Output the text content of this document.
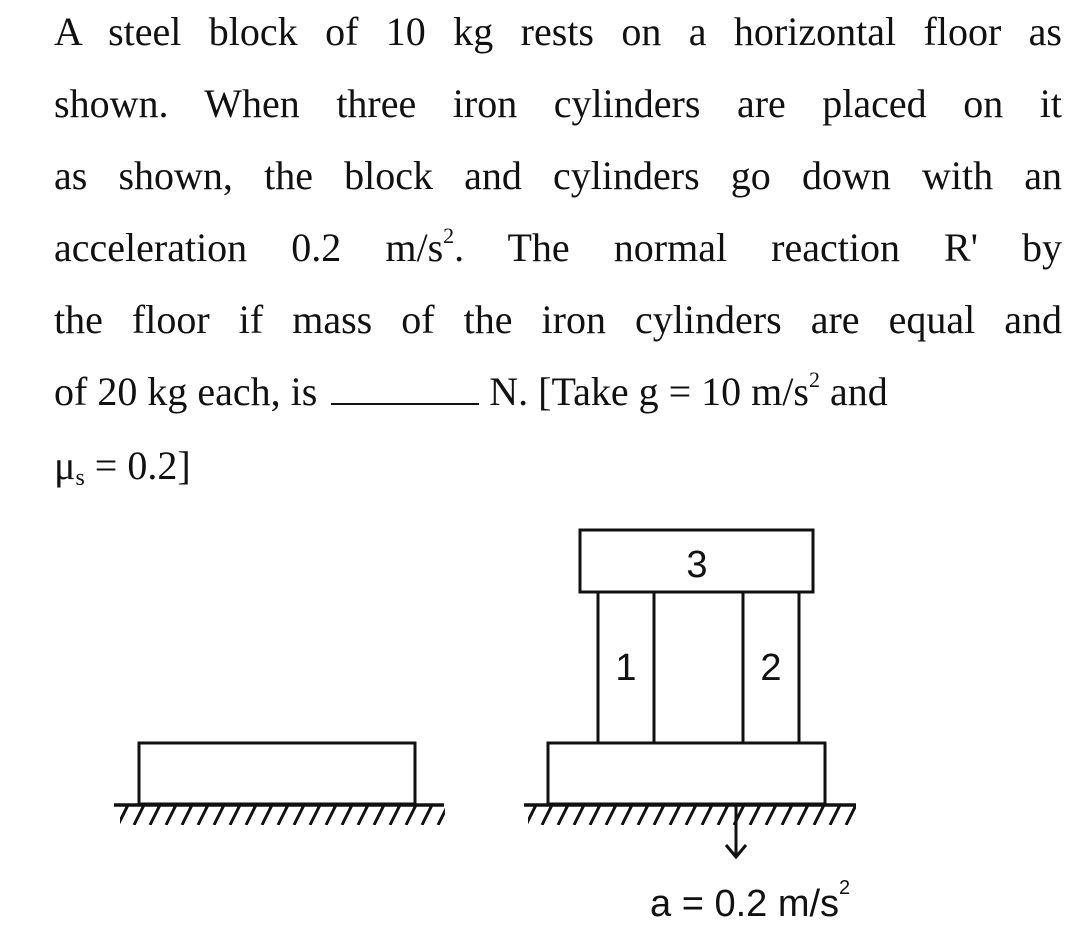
A steel block of 10 kg rests on a horizontal floor as
shown. When three iron cylinders are placed on it
as shown, the block and cylinders go down with an
acceleration 0.2 $m/s^2$. The normal reaction R' by
the floor if mass of the iron cylinders are equal and
of 20 kg each, is	N. [Take g = 10 $m/s^2$ and
$\mu_s = 0.2$]
3
1	2
a = 0.2 $m/s^2$
